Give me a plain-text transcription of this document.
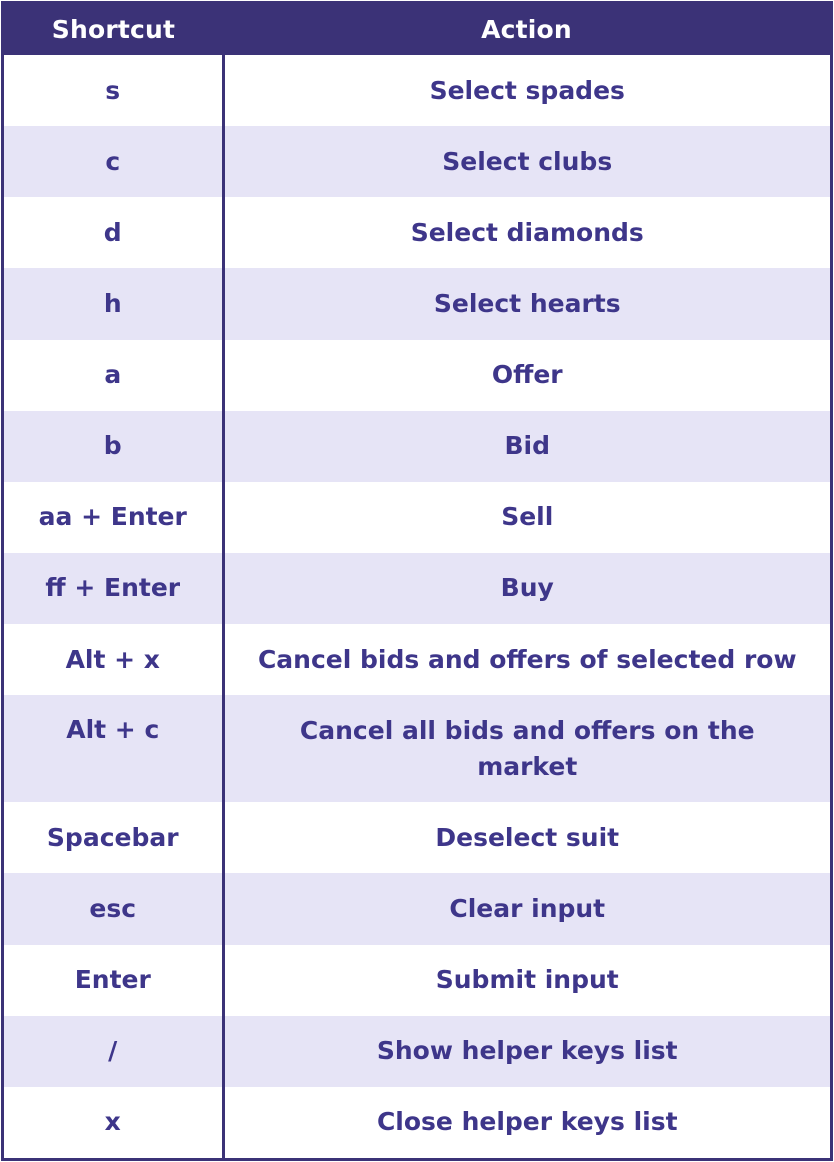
Shortcut	Action
s	Select spades
c	Select clubs
d	Select diamonds
h	Select hearts
a	Offer
b	Bid
aa + Enter	Sell
ff + Enter	Buy
Alt + x	Cancel bids and offers of selected row
Alt + c	Cancel all bids and offers on the market
Spacebar	Deselect suit
esc	Clear input
Enter	Submit input
/	Show helper keys list
x	Close helper keys list
